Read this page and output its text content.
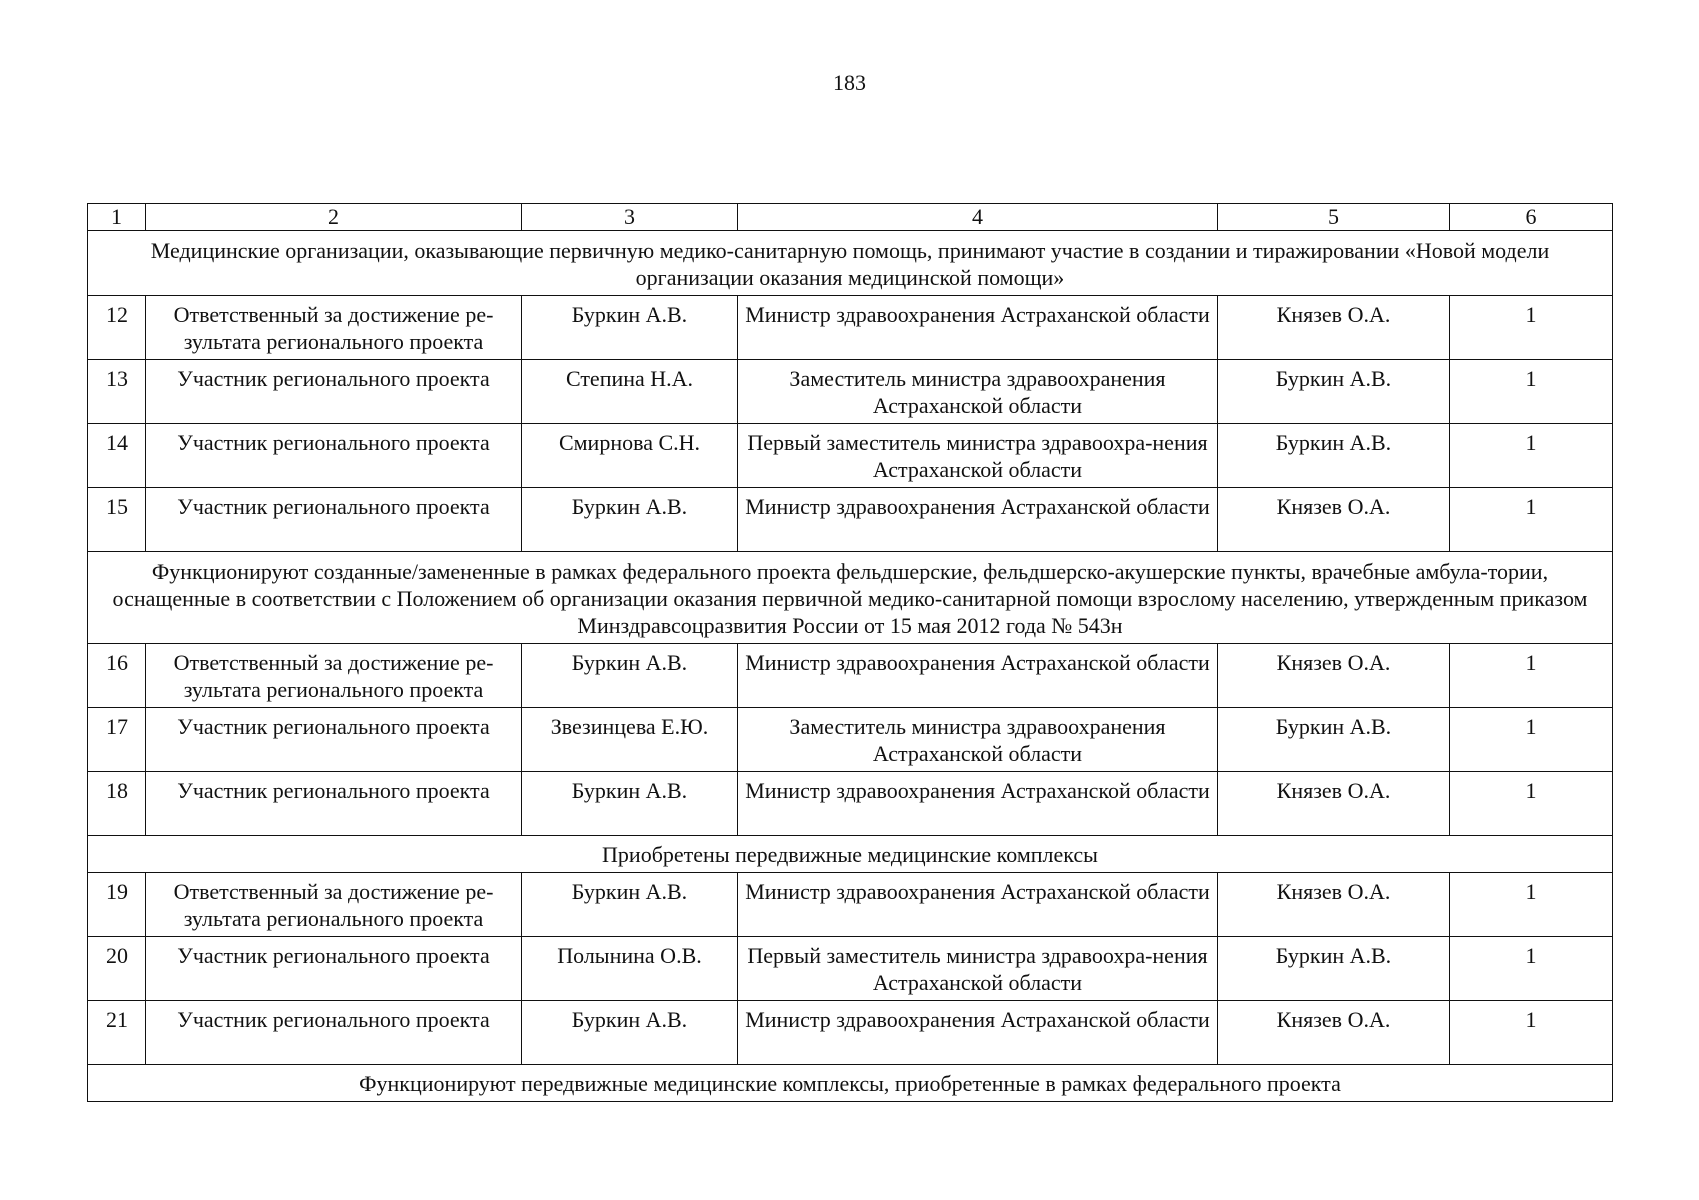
183
1	2	3	4	5	6
Медицинские организации, оказывающие первичную медико-санитарную помощь, принимают участие в создании и тиражировании «Новой модели организации оказания медицинской помощи»					
12	Ответственный за достижение ре-зультата регионального проекта	Буркин А.В.	Министр здравоохранения Астраханской области	Князев О.А.	1
13	Участник регионального проекта	Степина Н.А.	Заместитель министра здравоохранения Астраханской области	Буркин А.В.	1
14	Участник регионального проекта	Смирнова С.Н.	Первый заместитель министра здравоохра-нения Астраханской области	Буркин А.В.	1
15	Участник регионального проекта	Буркин А.В.	Министр здравоохранения Астраханской области	Князев О.А.	1
Функционируют созданные/замененные в рамках федерального проекта фельдшерские, фельдшерско-акушерские пункты, врачебные амбула-тории, оснащенные в соответствии с Положением об организации оказания первичной медико-санитарной помощи взрослому населению, утвержденным приказом Минздравсоцразвития России от 15 мая 2012 года № 543н					
16	Ответственный за достижение ре-зультата регионального проекта	Буркин А.В.	Министр здравоохранения Астраханской области	Князев О.А.	1
17	Участник регионального проекта	Звезинцева Е.Ю.	Заместитель министра здравоохранения Астраханской области	Буркин А.В.	1
18	Участник регионального проекта	Буркин А.В.	Министр здравоохранения Астраханской области	Князев О.А.	1
Приобретены передвижные медицинские комплексы					
19	Ответственный за достижение ре-зультата регионального проекта	Буркин А.В.	Министр здравоохранения Астраханской области	Князев О.А.	1
20	Участник регионального проекта	Полынина О.В.	Первый заместитель министра здравоохра-нения Астраханской области	Буркин А.В.	1
21	Участник регионального проекта	Буркин А.В.	Министр здравоохранения Астраханской области	Князев О.А.	1
Функционируют передвижные медицинские комплексы, приобретенные в рамках федерального проекта					
